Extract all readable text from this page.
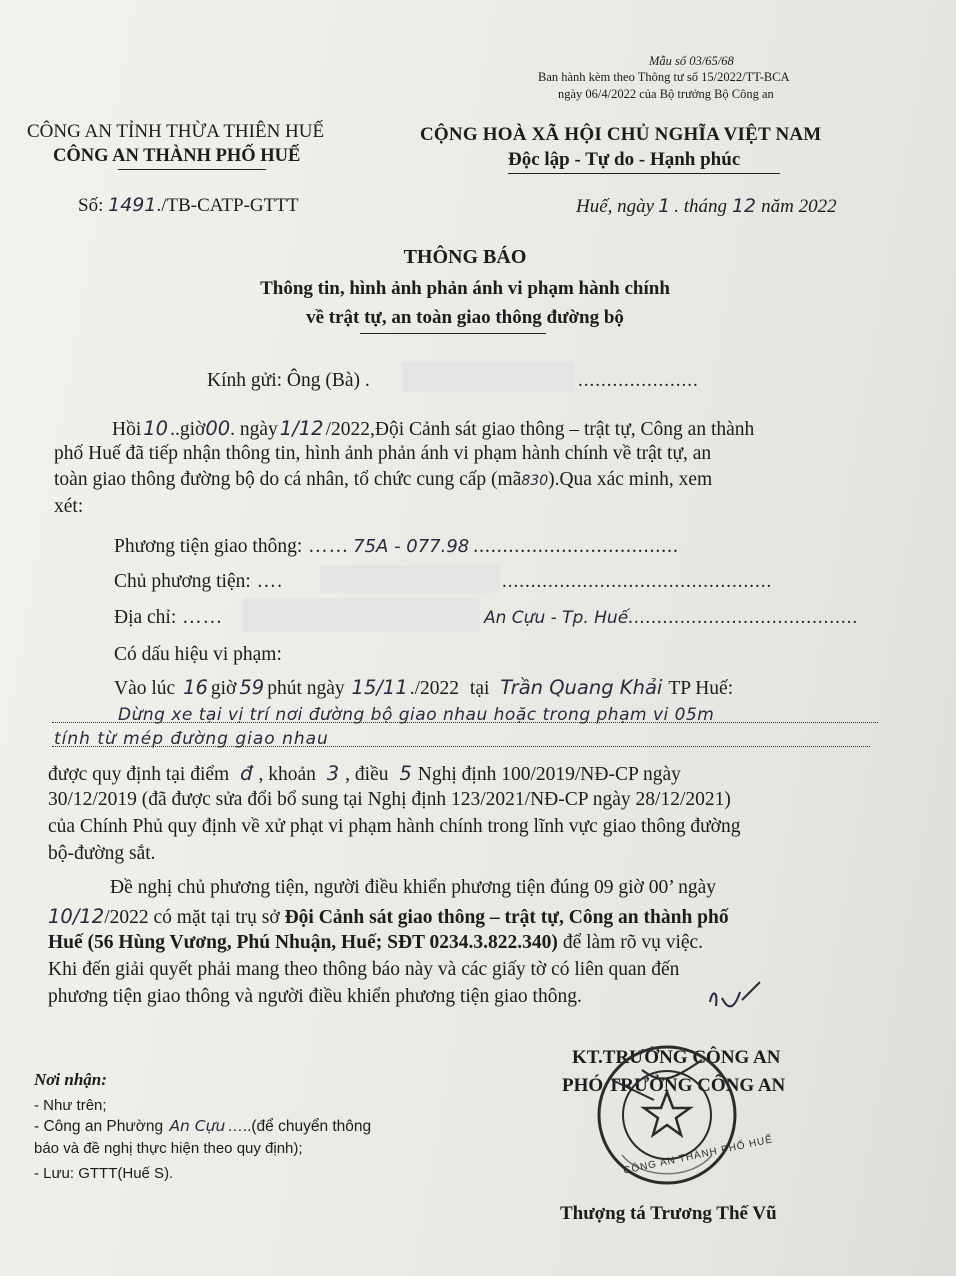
Mẫu số 03/65/68
Ban hành kèm theo Thông tư số 15/2022/TT-BCA
ngày 06/4/2022 của Bộ trưởng Bộ Công an
CÔNG AN TỈNH THỪA THIÊN HUẾ
CÔNG AN THÀNH PHỐ HUẾ
Số: 1491./TB-CATP-GTTT
CỘNG HOÀ XÃ HỘI CHỦ NGHĨA VIỆT NAM
Độc lập - Tự do - Hạnh phúc
Huế, ngày 1 . tháng 12 năm 2022
THÔNG BÁO
Thông tin, hình ảnh phản ánh vi phạm hành chính
về trật tự, an toàn giao thông đường bộ
Kính gửi: Ông (Bà) .	.....................
Hồi 10 ..giờ00. ngày 1/12 /2022,Đội Cảnh sát giao thông – trật tự, Công an thành
phố Huế đã tiếp nhận thông tin, hình ảnh phản ánh vi phạm hành chính về trật tự, an
toàn giao thông đường bộ do cá nhân, tổ chức cung cấp (mã830).Qua xác minh, xem
xét:
Phương tiện giao thông: …… 75A - 077.98 ...................................
Chủ phương tiện: ….	...............................................
Địa chỉ: ……	An Cựu - Tp. Huế........................................
Có dấu hiệu vi phạm:
Vào lúc 16 giờ 59 phút ngày 15/11 ./2022 tại Trần Quang Khải TP Huế:
Dừng xe tại vị trí nơi đường bộ giao nhau hoặc trong phạm vi 05m
tính từ mép đường giao nhau
được quy định tại điểm đ , khoản 3 , điều 5 Nghị định 100/2019/NĐ-CP ngày
30/12/2019 (đã được sửa đổi bổ sung tại Nghị định 123/2021/NĐ-CP ngày 28/12/2021)
của Chính Phủ quy định về xử phạt vi phạm hành chính trong lĩnh vực giao thông đường
bộ-đường sắt.
Đề nghị chủ phương tiện, người điều khiển phương tiện đúng 09 giờ 00’ ngày
10/12/2022 có mặt tại trụ sở Đội Cảnh sát giao thông – trật tự, Công an thành phố
Huế (56 Hùng Vương, Phú Nhuận, Huế; SĐT 0234.3.822.340) để làm rõ vụ việc.
Khi đến giải quyết phải mang theo thông báo này và các giấy tờ có liên quan đến
phương tiện giao thông và người điều khiển phương tiện giao thông.
Nơi nhận:
- Như trên;
- Công an Phường An Cựu …..(để chuyển thông
báo và đề nghị thực hiện theo quy định);
- Lưu: GTTT(Huế S).
KT.TRƯỞNG CÔNG AN
PHÓ TRƯỞNG CÔNG AN
CÔNG AN THÀNH PHỐ HUẾ
Thượng tá Trương Thế Vũ
